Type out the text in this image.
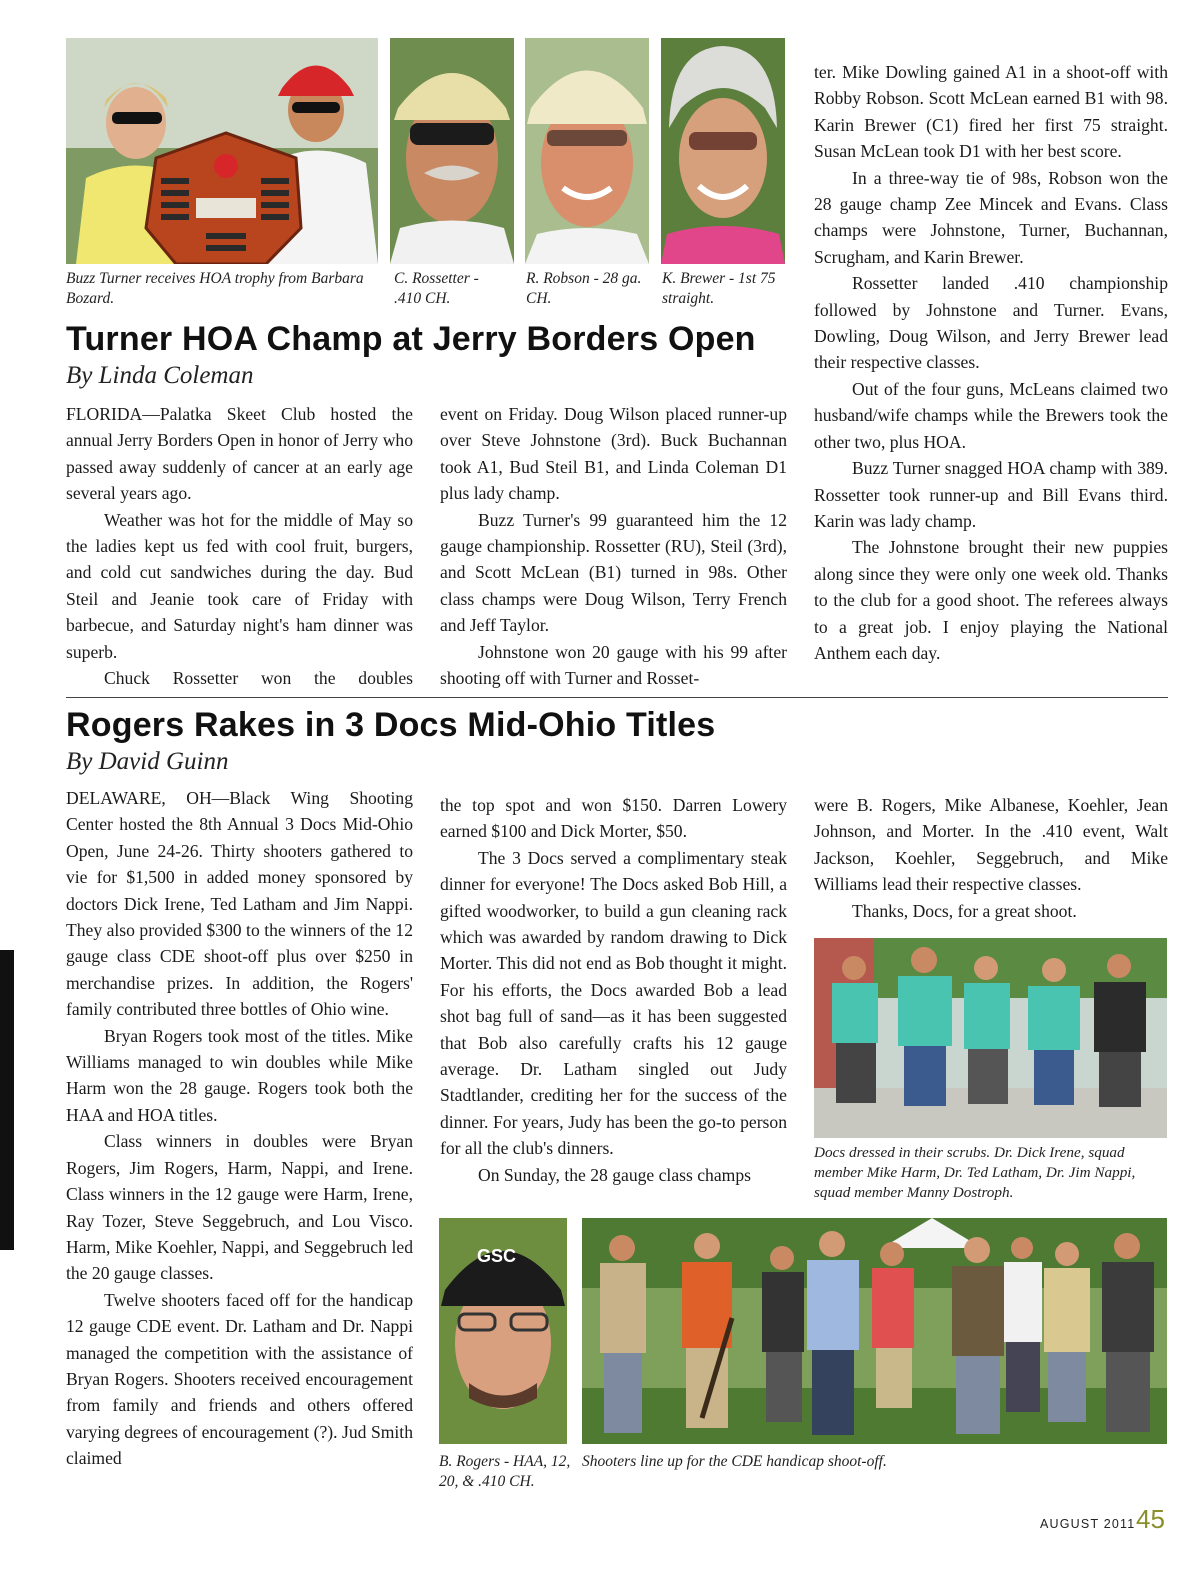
Buzz Turner receives HOA trophy from Barbara Bozard.
C. Rossetter - .410 CH.
R. Robson - 28 ga. CH.
K. Brewer - 1st 75 straight.
Turner HOA Champ at Jerry Borders Open
By Linda Coleman

FLORIDA—Palatka Skeet Club hosted the annual Jerry Borders Open in honor of Jerry who passed away suddenly of cancer at an early age several years ago.

Weather was hot for the middle of May so the ladies kept us fed with cool fruit, burgers, and cold cut sandwiches during the day. Bud Steil and Jeanie took care of Friday with barbecue, and Saturday night's ham dinner was superb.

Chuck Rossetter won the doubles

event on Friday. Doug Wilson placed runner-up over Steve Johnstone (3rd). Buck Buchannan took A1, Bud Steil B1, and Linda Coleman D1 plus lady champ.

Buzz Turner's 99 guaranteed him the 12 gauge championship. Rossetter (RU), Steil (3rd), and Scott McLean (B1) turned in 98s. Other class champs were Doug Wilson, Terry French and Jeff Taylor.

Johnstone won 20 gauge with his 99 after shooting off with Turner and Rosset-

ter. Mike Dowling gained A1 in a shoot-off with Robby Robson. Scott McLean earned B1 with 98. Karin Brewer (C1) fired her first 75 straight. Susan McLean took D1 with her best score.

In a three-way tie of 98s, Robson won the 28 gauge champ Zee Mincek and Evans. Class champs were Johnstone, Turner, Buchannan, Scrugham, and Karin Brewer.

Rossetter landed .410 championship followed by Johnstone and Turner. Evans, Dowling, Doug Wilson, and Jerry Brewer lead their respective classes.

Out of the four guns, McLeans claimed two husband/wife champs while the Brewers took the other two, plus HOA.

Buzz Turner snagged HOA champ with 389. Rossetter took runner-up and Bill Evans third. Karin was lady champ.

The Johnstone brought their new puppies along since they were only one week old. Thanks to the club for a good shoot. The referees always to a great job. I enjoy playing the National Anthem each day.

Rogers Rakes in 3 Docs Mid-Ohio Titles
By David Guinn

DELAWARE, OH—Black Wing Shooting Center hosted the 8th Annual 3 Docs Mid-Ohio Open, June 24-26. Thirty shooters gathered to vie for $1,500 in added money sponsored by doctors Dick Irene, Ted Latham and Jim Nappi. They also provided $300 to the winners of the 12 gauge class CDE shoot-off plus over $250 in merchandise prizes. In addition, the Rogers' family contributed three bottles of Ohio wine.

Bryan Rogers took most of the titles. Mike Williams managed to win doubles while Mike Harm won the 28 gauge. Rogers took both the HAA and HOA titles.

Class winners in doubles were Bryan Rogers, Jim Rogers, Harm, Nappi, and Irene. Class winners in the 12 gauge were Harm, Irene, Ray Tozer, Steve Seggebruch, and Lou Visco. Harm, Mike Koehler, Nappi, and Seggebruch led the 20 gauge classes.

Twelve shooters faced off for the handicap 12 gauge CDE event. Dr. Latham and Dr. Nappi managed the competition with the assistance of Bryan Rogers. Shooters received encouragement from family and friends and others offered varying degrees of encouragement (?). Jud Smith claimed

the top spot and won $150. Darren Lowery earned $100 and Dick Morter, $50.

The 3 Docs served a complimentary steak dinner for everyone! The Docs asked Bob Hill, a gifted woodworker, to build a gun cleaning rack which was awarded by random drawing to Dick Morter. This did not end as Bob thought it might. For his efforts, the Docs awarded Bob a lead shot bag full of sand—as it has been suggested that Bob also carefully crafts his 12 gauge average. Dr. Latham singled out Judy Stadtlander, crediting her for the success of the dinner. For years, Judy has been the go-to person for all the club's dinners.

On Sunday, the 28 gauge class champs

were B. Rogers, Mike Albanese, Koehler, Jean Johnson, and Morter. In the .410 event, Walt Jackson, Koehler, Seggebruch, and Mike Williams lead their respective classes.

Thanks, Docs, for a great shoot.

Docs dressed in their scrubs. Dr. Dick Irene, squad member Mike Harm, Dr. Ted Latham, Dr. Jim Nappi, squad member Manny Dostroph.
GSC
B. Rogers - HAA, 12, 20, & .410 CH.
Shooters line up for the CDE handicap shoot-off.
AUGUST 2011 45
